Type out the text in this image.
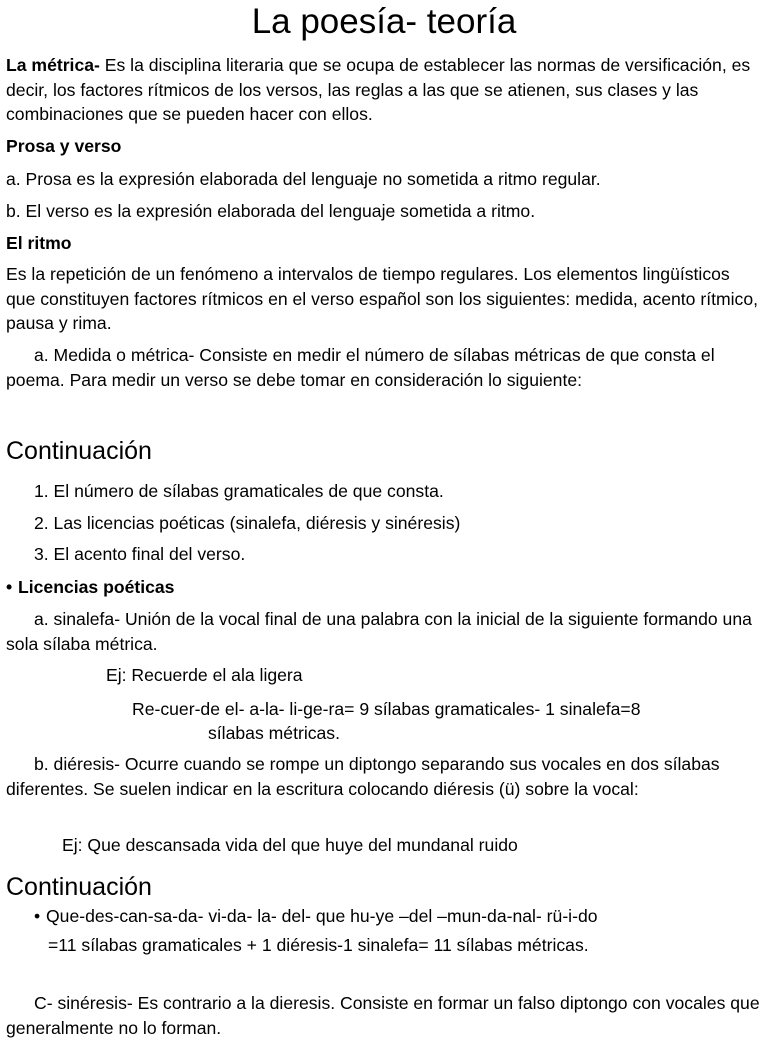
La poesía- teoría

La métrica- Es la disciplina literaria que se ocupa de establecer las normas de versificación, es decir, los factores rítmicos de los versos, las reglas a las que se atienen, sus clases y las combinaciones que se pueden hacer con ellos.

Prosa y verso

a. Prosa es la expresión elaborada del lenguaje no sometida a ritmo regular.

b. El verso es la expresión elaborada del lenguaje sometida a ritmo.

El ritmo

Es la repetición de un fenómeno a intervalos de tiempo regulares. Los elementos lingüísticos que constituyen factores rítmicos en el verso español son los siguientes: medida, acento rítmico, pausa y rima.

a. Medida o métrica- Consiste en medir el número de sílabas métricas de que consta el poema. Para medir un verso se debe tomar en consideración lo siguiente:

Continuación

1. El número de sílabas gramaticales de que consta.

2. Las licencias poéticas (sinalefa, diéresis y sinéresis)

3. El acento final del verso.

• Licencias poéticas

a. sinalefa- Unión de la vocal final de una palabra con la inicial de la siguiente formando una sola sílaba métrica.

Ej: Recuerde el ala ligera

Re-cuer-de el- a-la- li-ge-ra= 9 sílabas gramaticales- 1 sinalefa=8

sílabas métricas.

b. diéresis- Ocurre cuando se rompe un diptongo separando sus vocales en dos sílabas diferentes. Se suelen indicar en la escritura colocando diéresis (ü) sobre la vocal:

Ej: Que descansada vida del que huye del mundanal ruido

Continuación

• Que-des-can-sa-da- vi-da- la- del- que hu-ye –del –mun-da-nal- rü-i-do

=11 sílabas gramaticales + 1 diéresis-1 sinalefa= 11 sílabas métricas.

C- sinéresis- Es contrario a la dieresis. Consiste en formar un falso diptongo con vocales que generalmente no lo forman.
